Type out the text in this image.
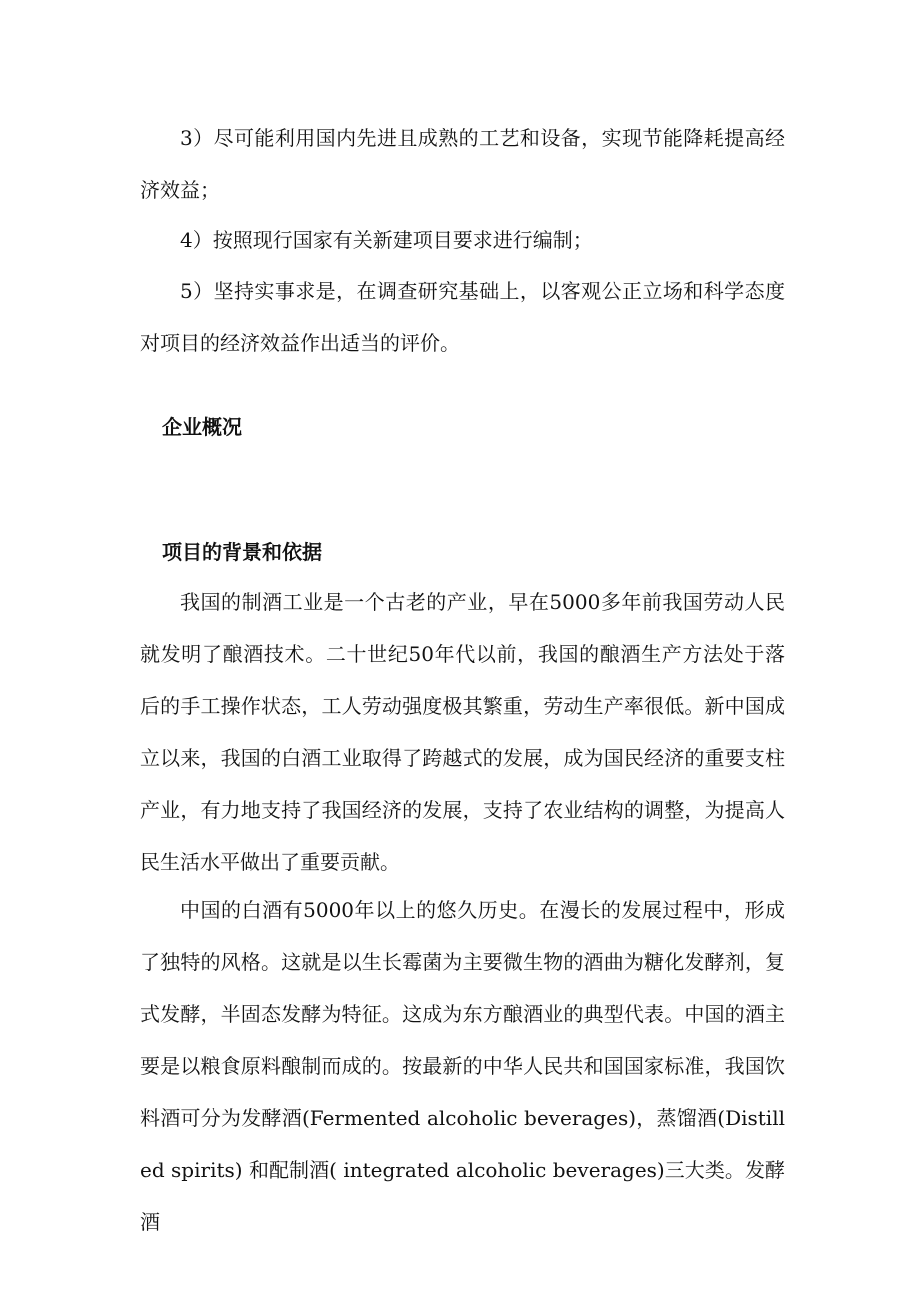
3）尽可能利用国内先进且成熟的工艺和设备，实现节能降耗提高经济效益；

4）按照现行国家有关新建项目要求进行编制；

5）坚持实事求是，在调查研究基础上，以客观公正立场和科学态度对项目的经济效益作出适当的评价。

企业概况
项目的背景和依据

我国的制酒工业是一个古老的产业，早在5000多年前我国劳动人民就发明了酿酒技术。二十世纪50年代以前，我国的酿酒生产方法处于落后的手工操作状态，工人劳动强度极其繁重，劳动生产率很低。新中国成立以来，我国的白酒工业取得了跨越式的发展，成为国民经济的重要支柱产业，有力地支持了我国经济的发展，支持了农业结构的调整，为提高人民生活水平做出了重要贡献。

中国的白酒有5000年以上的悠久历史。在漫长的发展过程中，形成了独特的风格。这就是以生长霉菌为主要微生物的酒曲为糖化发酵剂，复式发酵，半固态发酵为特征。这成为东方酿酒业的典型代表。中国的酒主要是以粮食原料酿制而成的。按最新的中华人民共和国国家标准，我国饮料酒可分为发酵酒(Fermented alcoholic beverages)，蒸馏酒(Distilled spirits) 和配制酒( integrated alcoholic beverages)三大类。发酵酒
